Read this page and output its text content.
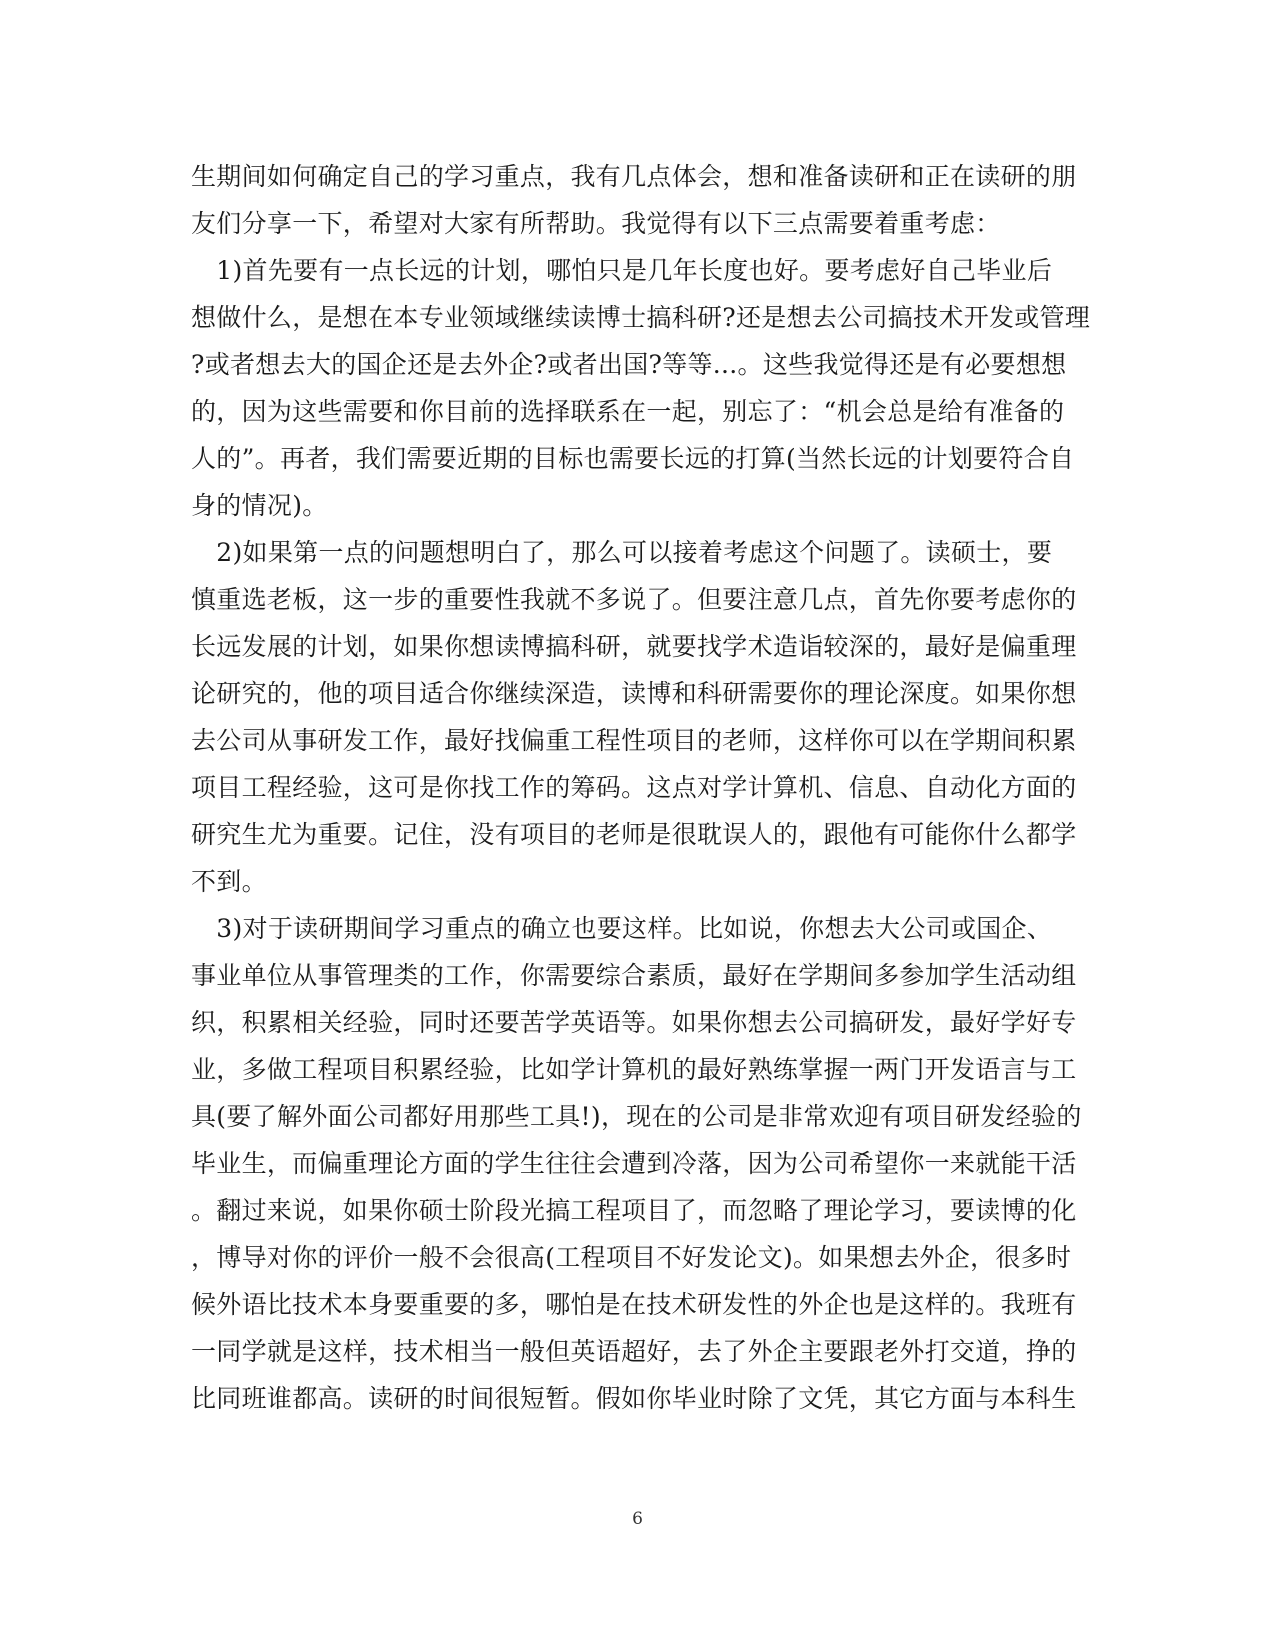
生期间如何确定自己的学习重点，我有几点体会，想和准备读研和正在读研的朋
友们分享一下，希望对大家有所帮助。我觉得有以下三点需要着重考虑：
　1)首先要有一点长远的计划，哪怕只是几年长度也好。要考虑好自己毕业后
想做什么，是想在本专业领域继续读博士搞科研?还是想去公司搞技术开发或管理
?或者想去大的国企还是去外企?或者出国?等等...。这些我觉得还是有必要想想
的，因为这些需要和你目前的选择联系在一起，别忘了：“机会总是给有准备的
人的”。再者，我们需要近期的目标也需要长远的打算(当然长远的计划要符合自
身的情况)。
　2)如果第一点的问题想明白了，那么可以接着考虑这个问题了。读硕士，要
慎重选老板，这一步的重要性我就不多说了。但要注意几点，首先你要考虑你的
长远发展的计划，如果你想读博搞科研，就要找学术造诣较深的，最好是偏重理
论研究的，他的项目适合你继续深造，读博和科研需要你的理论深度。如果你想
去公司从事研发工作，最好找偏重工程性项目的老师，这样你可以在学期间积累
项目工程经验，这可是你找工作的筹码。这点对学计算机、信息、自动化方面的
研究生尤为重要。记住，没有项目的老师是很耽误人的，跟他有可能你什么都学
不到。
　3)对于读研期间学习重点的确立也要这样。比如说，你想去大公司或国企、
事业单位从事管理类的工作，你需要综合素质，最好在学期间多参加学生活动组
织，积累相关经验，同时还要苦学英语等。如果你想去公司搞研发，最好学好专
业，多做工程项目积累经验，比如学计算机的最好熟练掌握一两门开发语言与工
具(要了解外面公司都好用那些工具!)，现在的公司是非常欢迎有项目研发经验的
毕业生，而偏重理论方面的学生往往会遭到冷落，因为公司希望你一来就能干活
。翻过来说，如果你硕士阶段光搞工程项目了，而忽略了理论学习，要读博的化
，博导对你的评价一般不会很高(工程项目不好发论文)。如果想去外企，很多时
候外语比技术本身要重要的多，哪怕是在技术研发性的外企也是这样的。我班有
一同学就是这样，技术相当一般但英语超好，去了外企主要跟老外打交道，挣的
比同班谁都高。读研的时间很短暂。假如你毕业时除了文凭，其它方面与本科生
6
